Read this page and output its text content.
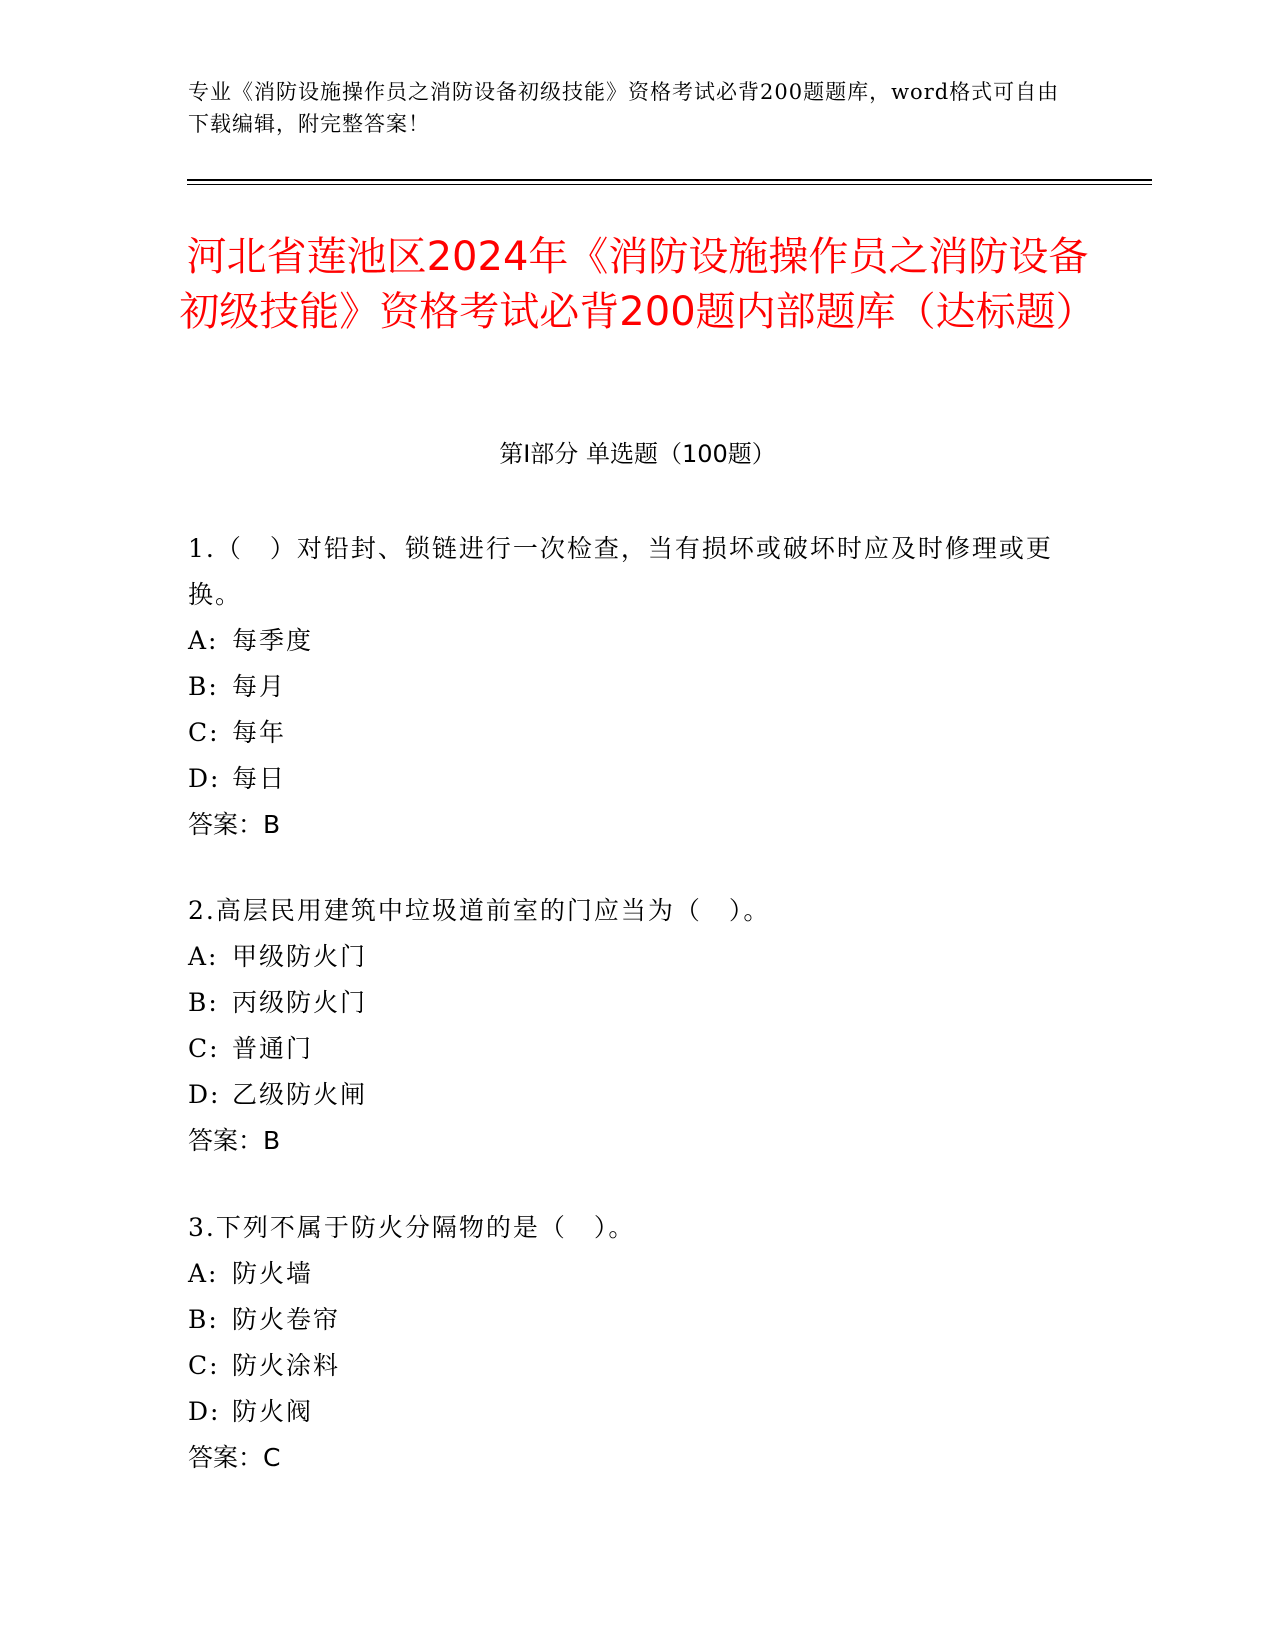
专业《消防设施操作员之消防设备初级技能》资格考试必背200题题库，word格式可自由下载编辑，附完整答案！
河北省莲池区2024年《消防设施操作员之消防设备初级技能》资格考试必背200题内部题库（达标题）
第Ⅰ部分 单选题（100题）
1.（　）对铅封、锁链进行一次检查，当有损坏或破坏时应及时修理或更换。
A: 每季度
B: 每月
C: 每年
D: 每日
答案：B
2.高层民用建筑中垃圾道前室的门应当为（　）。
A: 甲级防火门
B: 丙级防火门
C: 普通门
D: 乙级防火闸
答案：B
3.下列不属于防火分隔物的是（　）。
A: 防火墙
B: 防火卷帘
C: 防火涂料
D: 防火阀
答案：C
